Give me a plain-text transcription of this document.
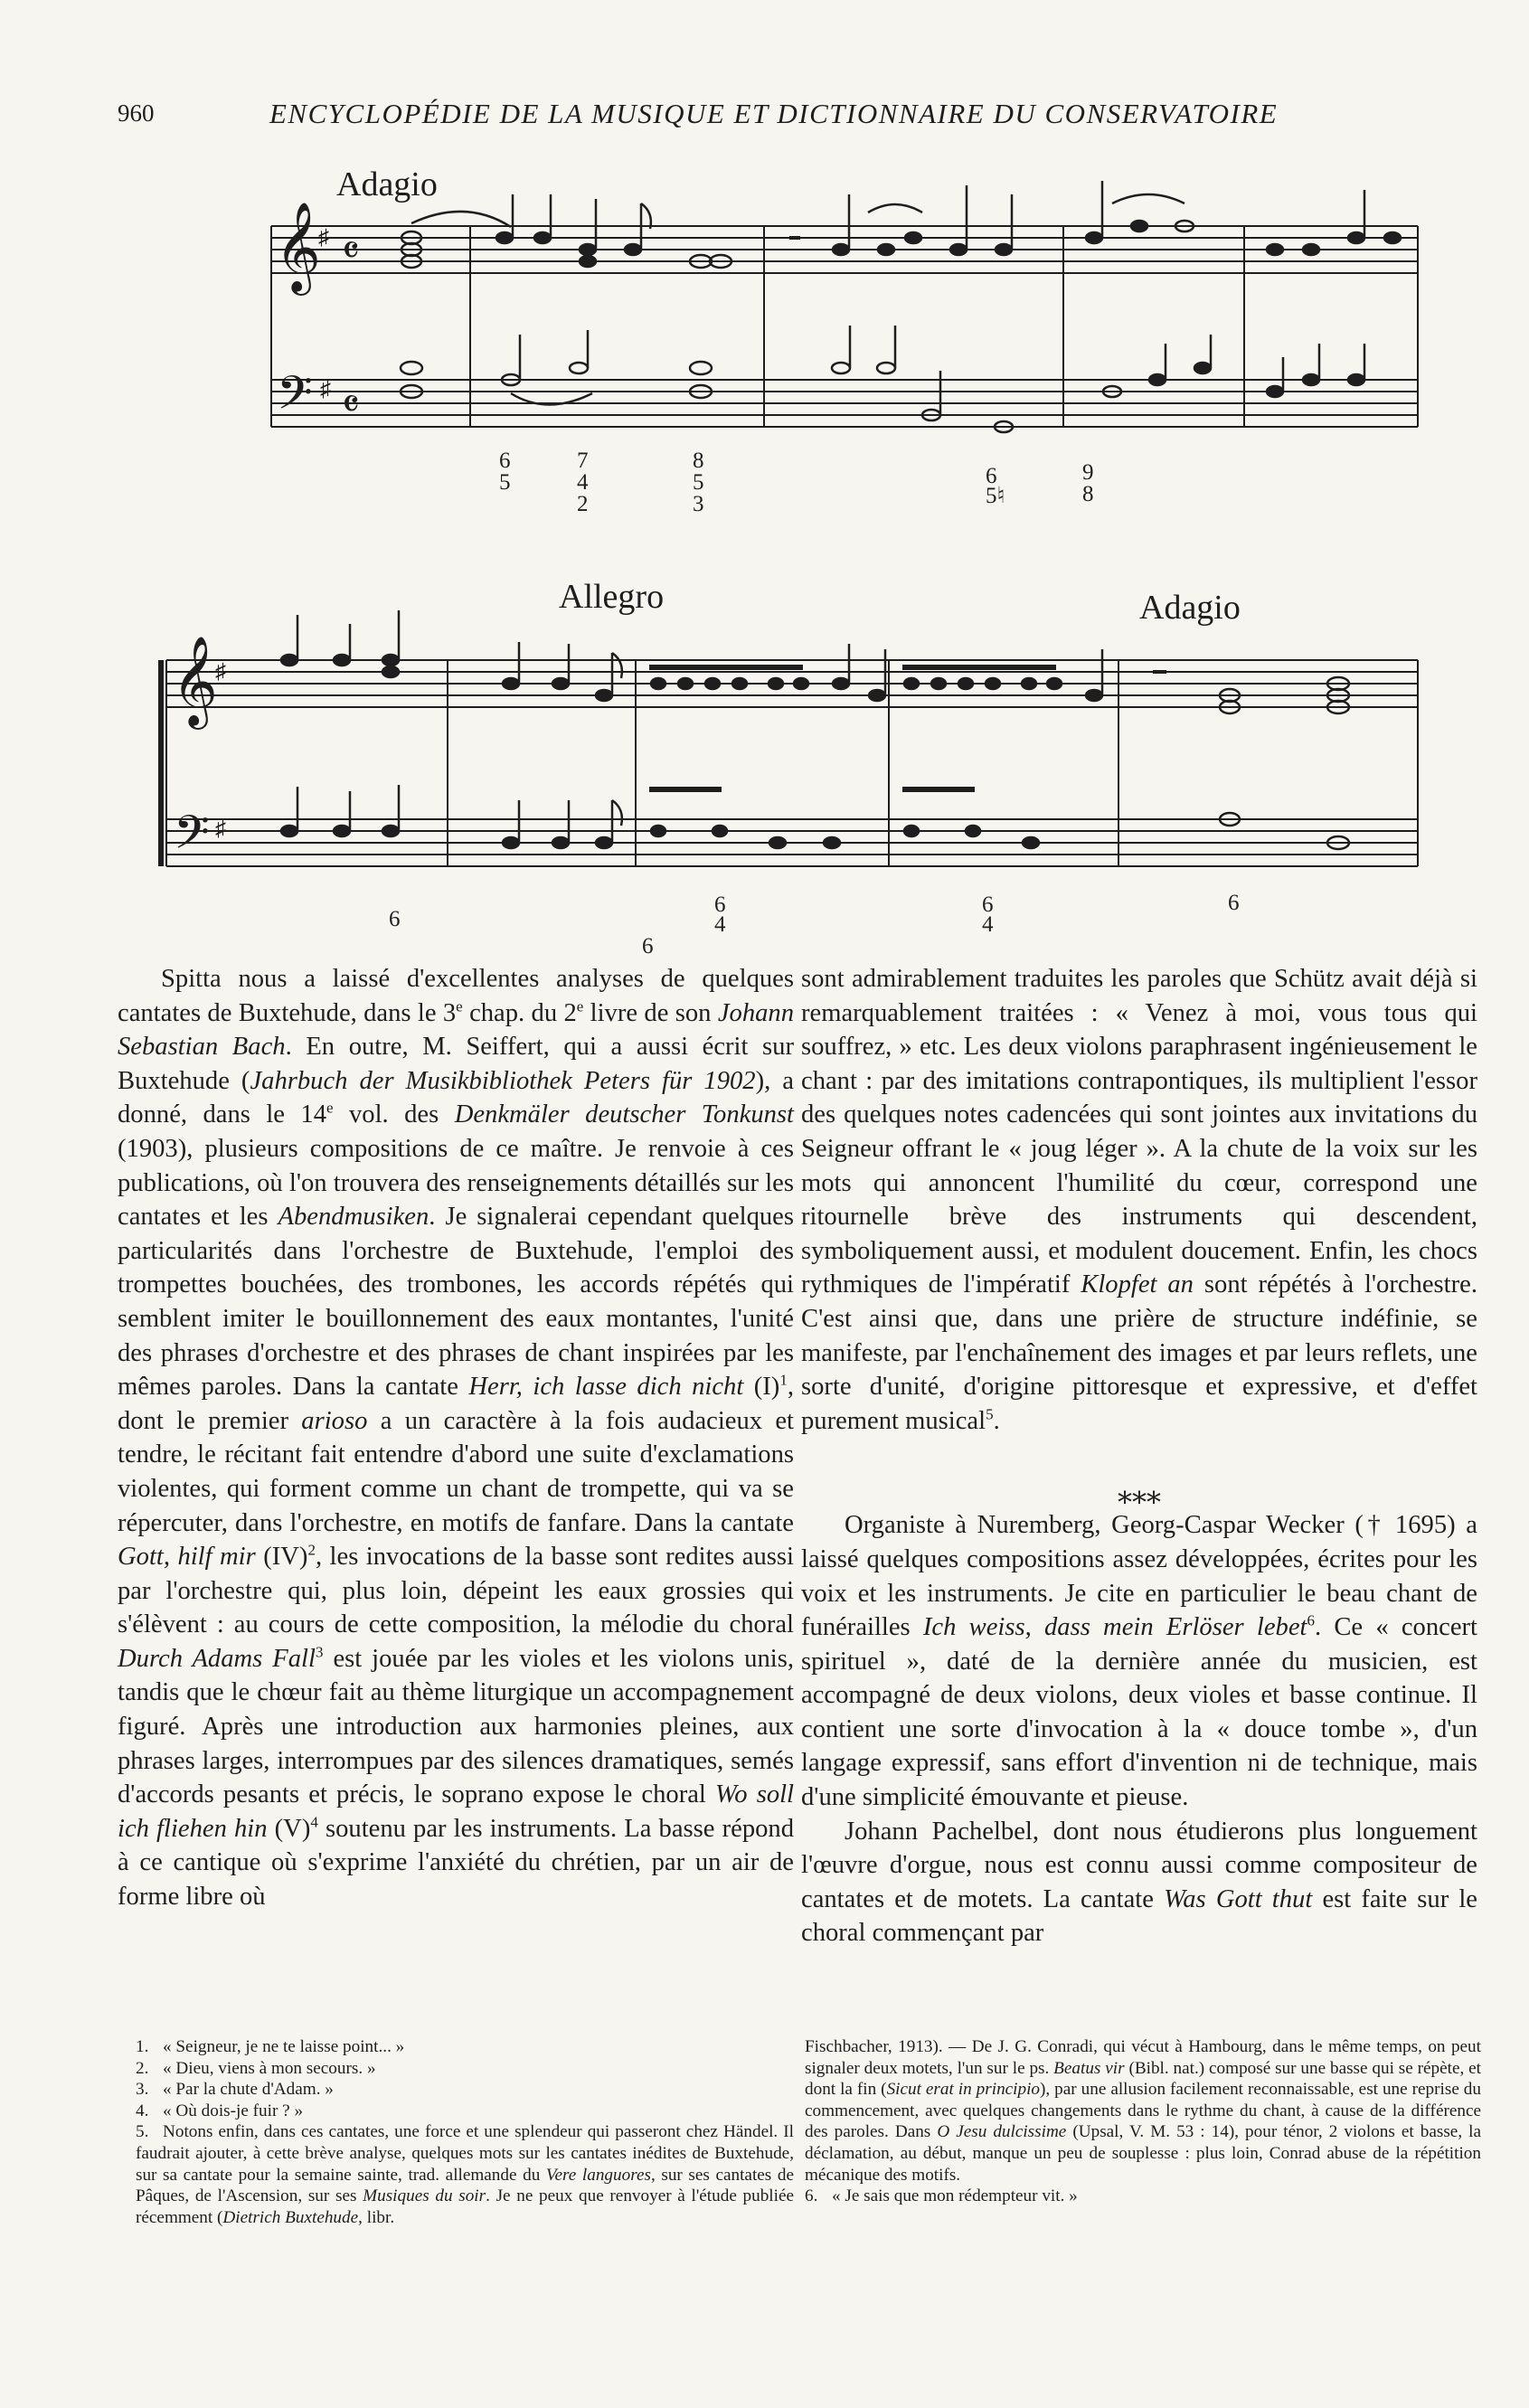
960	ENCYCLOPÉDIE DE LA MUSIQUE ET DICTIONNAIRE DU CONSERVATOIRE
Adagio
𝄞
𝄢
♯
♯
𝄴
𝄴
6
5
7
4
2
8
5
3
6
5♮
9
8
Allegro	Adagio
𝄞
𝄢
♯
♯
6
6
6
4
6
4
6

Spitta nous a laissé d'excellentes analyses de quelques cantates de Buxtehude, dans le 3e chap. du 2e livre de son Johann Sebastian Bach. En outre, M. Seiffert, qui a aussi écrit sur Buxtehude (Jahrbuch der Musikbibliothek Peters für 1902), a donné, dans le 14e vol. des Denkmäler deutscher Tonkunst (1903), plusieurs compositions de ce maître. Je renvoie à ces publications, où l'on trouvera des renseignements détaillés sur les cantates et les Abendmusiken. Je signalerai cependant quelques particularités dans l'orchestre de Buxtehude, l'emploi des trompettes bouchées, des trombones, les accords répétés qui semblent imiter le bouillonnement des eaux montantes, l'unité des phrases d'orchestre et des phrases de chant inspirées par les mêmes paroles. Dans la cantate Herr, ich lasse dich nicht $(I)^1$, dont le premier arioso a un caractère à la fois audacieux et tendre, le récitant fait entendre d'abord une suite d'exclamations violentes, qui forment comme un chant de trompette, qui va se répercuter, dans l'orchestre, en motifs de fanfare. Dans la cantate Gott, hilf mir (IV)$^2$, les invocations de la basse sont redites aussi par l'orchestre qui, plus loin, dépeint les eaux grossies qui s'élèvent : au cours de cette composition, la mélodie du choral Durch Adams Fall$^3$ est jouée par les violes et les violons unis, tandis que le chœur fait au thème liturgique un accompagnement figuré. Après une introduction aux harmonies pleines, aux phrases larges, interrompues par des silences dramatiques, semés d'accords pesants et précis, le soprano expose le choral Wo soll ich fliehen hin $(V)^4$ soutenu par les instruments. La basse répond à ce cantique où s'exprime l'anxiété du chrétien, par un air de forme libre où

sont admirablement traduites les paroles que Schütz avait déjà si remarquablement traitées : « Venez à moi, vous tous qui souffrez, » etc. Les deux violons paraphrasent ingénieusement le chant : par des imitations contrapontiques, ils multiplient l'essor des quelques notes cadencées qui sont jointes aux invitations du Seigneur offrant le « joug léger ». A la chute de la voix sur les mots qui annoncent l'humilité du cœur, correspond une ritournelle brève des instruments qui descendent, symboliquement aussi, et modulent doucement. Enfin, les chocs rythmiques de l'impératif Klopfet an sont répétés à l'orchestre. C'est ainsi que, dans une prière de structure indéfinie, se manifeste, par l'enchaînement des images et par leurs reflets, une sorte d'unité, d'origine pittoresque et expressive, et d'effet purement musical$^5$.

⁎⁎⁎

Organiste à Nuremberg, Georg-Caspar Wecker († 1695) a laissé quelques compositions assez développées, écrites pour les voix et les instruments. Je cite en particulier le beau chant de funérailles Ich weiss, dass mein Erlöser lebet$^6$. Ce « concert spirituel », daté de la dernière année du musicien, est accompagné de deux violons, deux violes et basse continue. Il contient une sorte d'invocation à la « douce tombe », d'un langage expressif, sans effort d'invention ni de technique, mais d'une simplicité émouvante et pieuse.

Johann Pachelbel, dont nous étudierons plus longuement l'œuvre d'orgue, nous est connu aussi comme compositeur de cantates et de motets. La cantate Was Gott thut est faite sur le choral commençant par

1. « Seigneur, je ne te laisse point... »

2. « Dieu, viens à mon secours. »

3. « Par la chute d'Adam. »

4. « Où dois-je fuir ? »

5. Notons enfin, dans ces cantates, une force et une splendeur qui passeront chez Händel. Il faudrait ajouter, à cette brève analyse, quelques mots sur les cantates inédites de Buxtehude, sur sa cantate pour la semaine sainte, trad. allemande du Vere languores, sur ses cantates de Pâques, de l'Ascension, sur ses Musiques du soir. Je ne peux que renvoyer à l'étude publiée récemment (Dietrich Buxtehude, libr.

Fischbacher, 1913). — De J. G. Conradi, qui vécut à Hambourg, dans le même temps, on peut signaler deux motets, l'un sur le ps. Beatus vir (Bibl. nat.) composé sur une basse qui se répète, et dont la fin (Sicut erat in principio), par une allusion facilement reconnaissable, est une reprise du commencement, avec quelques changements dans le rythme du chant, à cause de la différence des paroles. Dans O Jesu dulcissime (Upsal, V. M. 53 : 14), pour ténor, 2 violons et basse, la déclamation, au début, manque un peu de souplesse : plus loin, Conrad abuse de la répétition mécanique des motifs.

6. « Je sais que mon rédempteur vit. »
